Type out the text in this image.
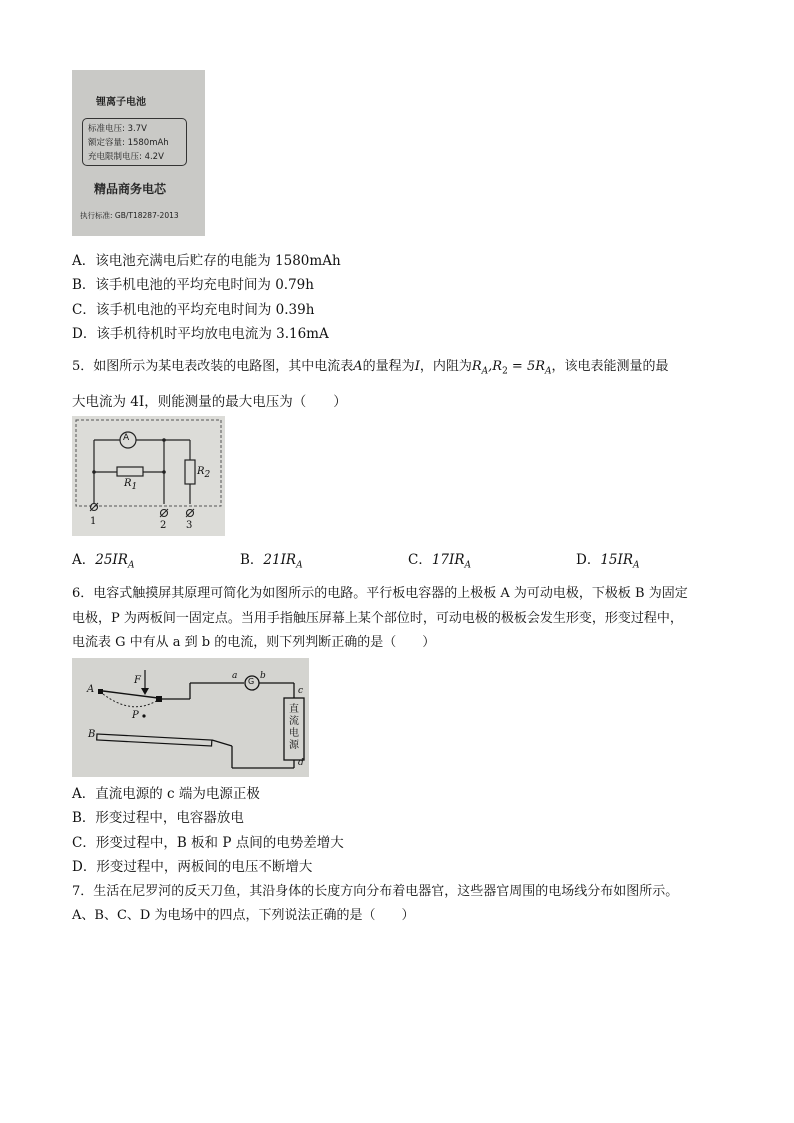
锂离子电池
标准电压: 3.7V
额定容量: 1580mAh
充电限制电压: 4.2V
精品商务电芯
执行标准: GB/T18287-2013
A．该电池充满电后贮存的电能为 1580mAh
B．该手机电池的平均充电时间为 0.79h
C．该手机电池的平均充电时间为 0.39h
D．该手机待机时平均放电电流为 3.16mA
5．如图所示为某电表改装的电路图，其中电流表A的量程为I，内阻为$R_A,R_2 = 5R_A$，该电表能测量的最
大电流为 4I，则能测量的最大电压为（　　）
A
$R_1$
$R_2$
1	2 3
A．$25IR_A$	B．$21IR_A$	C．$17IR_A$	D．$15IR_A$
6．电容式触摸屏其原理可简化为如图所示的电路。平行板电容器的上极板 A 为可动电极，下极板 B 为固定
电极，P 为两板间一固定点。当用手指触压屏幕上某个部位时，可动电极的极板会发生形变，形变过程中，
电流表 G 中有从 a 到 b 的电流，则下列判断正确的是（　　）
A
B
F
P
a	b
c
d
G
直流电源
A．直流电源的 c 端为电源正极
B．形变过程中，电容器放电
C．形变过程中，B 板和 P 点间的电势差增大
D．形变过程中，两板间的电压不断增大
7．生活在尼罗河的反天刀鱼，其沿身体的长度方向分布着电器官，这些器官周围的电场线分布如图所示。
A、B、C、D 为电场中的四点，下列说法正确的是（　　）
